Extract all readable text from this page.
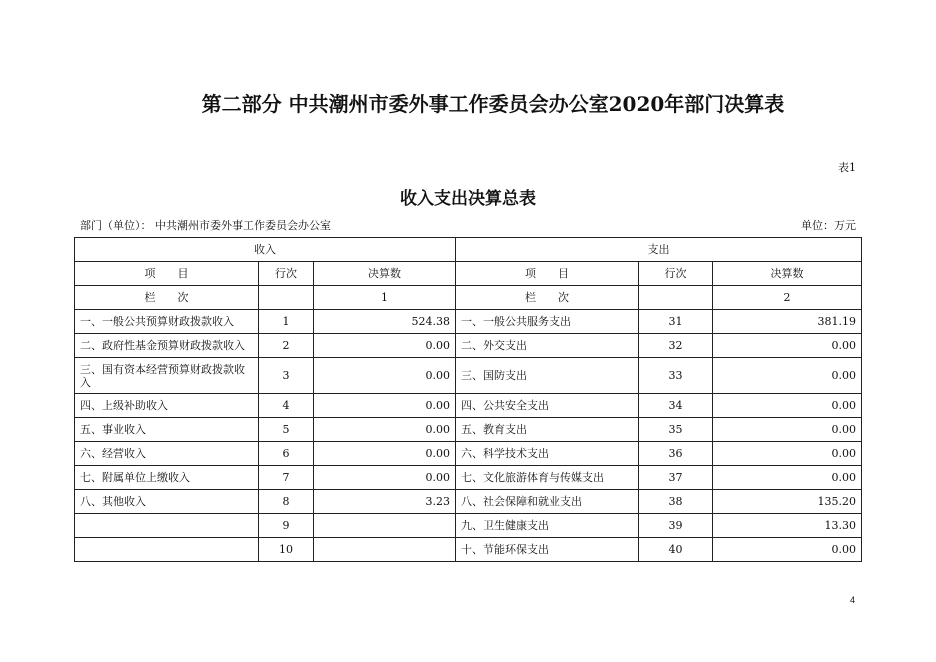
第二部分 中共潮州市委外事工作委员会办公室2020年部门决算表
表1
收入支出决算总表
部门（单位）： 中共潮州市委外事工作委员会办公室	单位：万元
收入			支出		
项　　目	行次	决算数	项　　目	行次	决算数
栏　　次		1	栏　　次		2
一、一般公共预算财政拨款收入	1	524.38	一、一般公共服务支出	31	381.19
二、政府性基金预算财政拨款收入	2	0.00	二、外交支出	32	0.00
三、国有资本经营预算财政拨款收入	3	0.00	三、国防支出	33	0.00
四、上级补助收入	4	0.00	四、公共安全支出	34	0.00
五、事业收入	5	0.00	五、教育支出	35	0.00
六、经营收入	6	0.00	六、科学技术支出	36	0.00
七、附属单位上缴收入	7	0.00	七、文化旅游体育与传媒支出	37	0.00
八、其他收入	8	3.23	八、社会保障和就业支出	38	135.20
	9		九、卫生健康支出	39	13.30
	10		十、节能环保支出	40	0.00
4
